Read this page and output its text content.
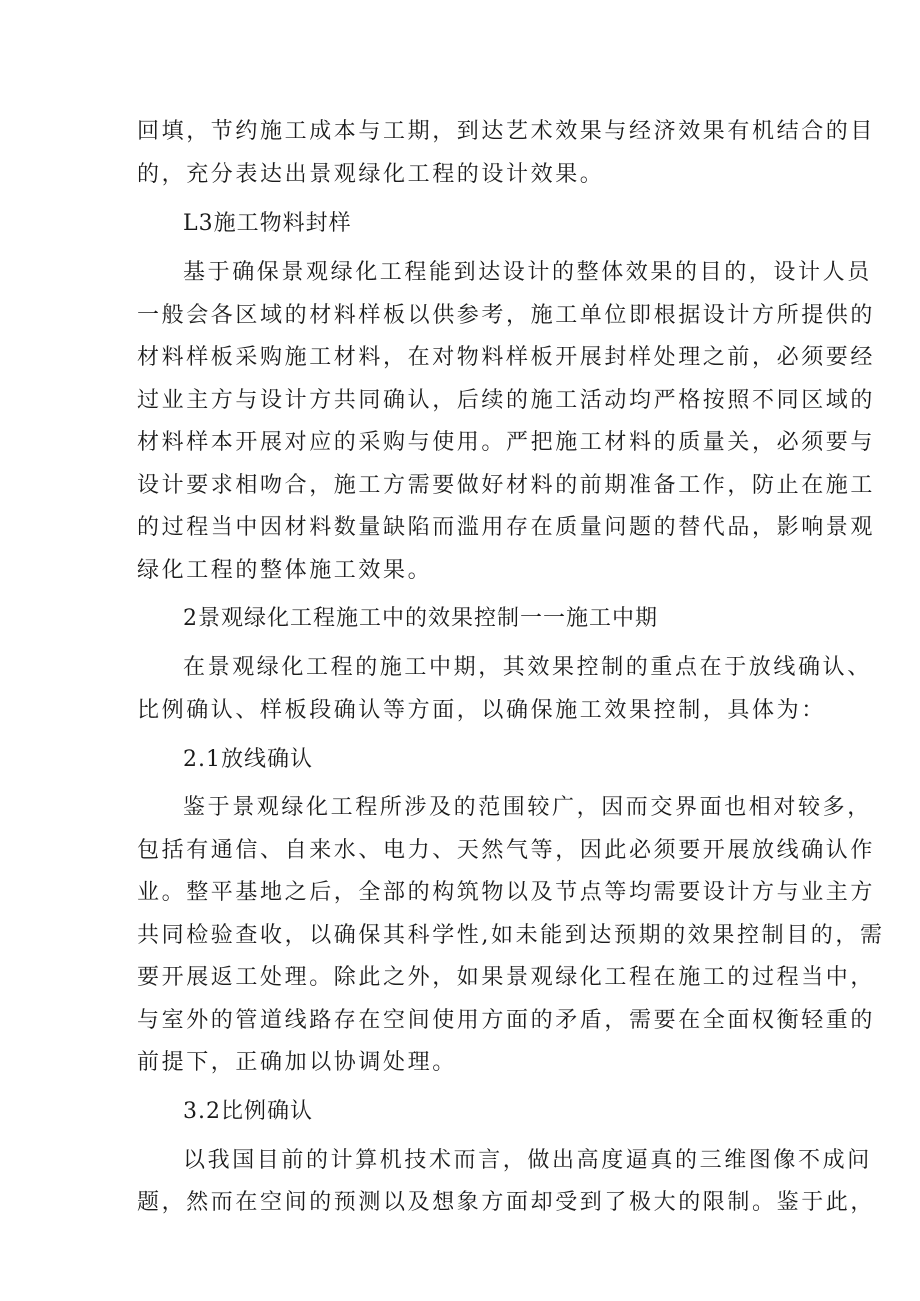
回填，节约施工成本与工期，到达艺术效果与经济效果有机结合的目
的，充分表达出景观绿化工程的设计效果。
L3施工物料封样
基于确保景观绿化工程能到达设计的整体效果的目的，设计人员
一般会各区域的材料样板以供参考，施工单位即根据设计方所提供的
材料样板采购施工材料，在对物料样板开展封样处理之前，必须要经
过业主方与设计方共同确认，后续的施工活动均严格按照不同区域的
材料样本开展对应的采购与使用。严把施工材料的质量关，必须要与
设计要求相吻合，施工方需要做好材料的前期准备工作，防止在施工
的过程当中因材料数量缺陷而滥用存在质量问题的替代品，影响景观
绿化工程的整体施工效果。
2景观绿化工程施工中的效果控制一一施工中期
在景观绿化工程的施工中期，其效果控制的重点在于放线确认、
比例确认、样板段确认等方面，以确保施工效果控制，具体为：
2.1放线确认
鉴于景观绿化工程所涉及的范围较广，因而交界面也相对较多，
包括有通信、自来水、电力、天然气等，因此必须要开展放线确认作
业。整平基地之后，全部的构筑物以及节点等均需要设计方与业主方
共同检验查收，以确保其科学性,如未能到达预期的效果控制目的，需
要开展返工处理。除此之外，如果景观绿化工程在施工的过程当中，
与室外的管道线路存在空间使用方面的矛盾，需要在全面权衡轻重的
前提下，正确加以协调处理。
3.2比例确认
以我国目前的计算机技术而言，做出高度逼真的三维图像不成问
题，然而在空间的预测以及想象方面却受到了极大的限制。鉴于此，
